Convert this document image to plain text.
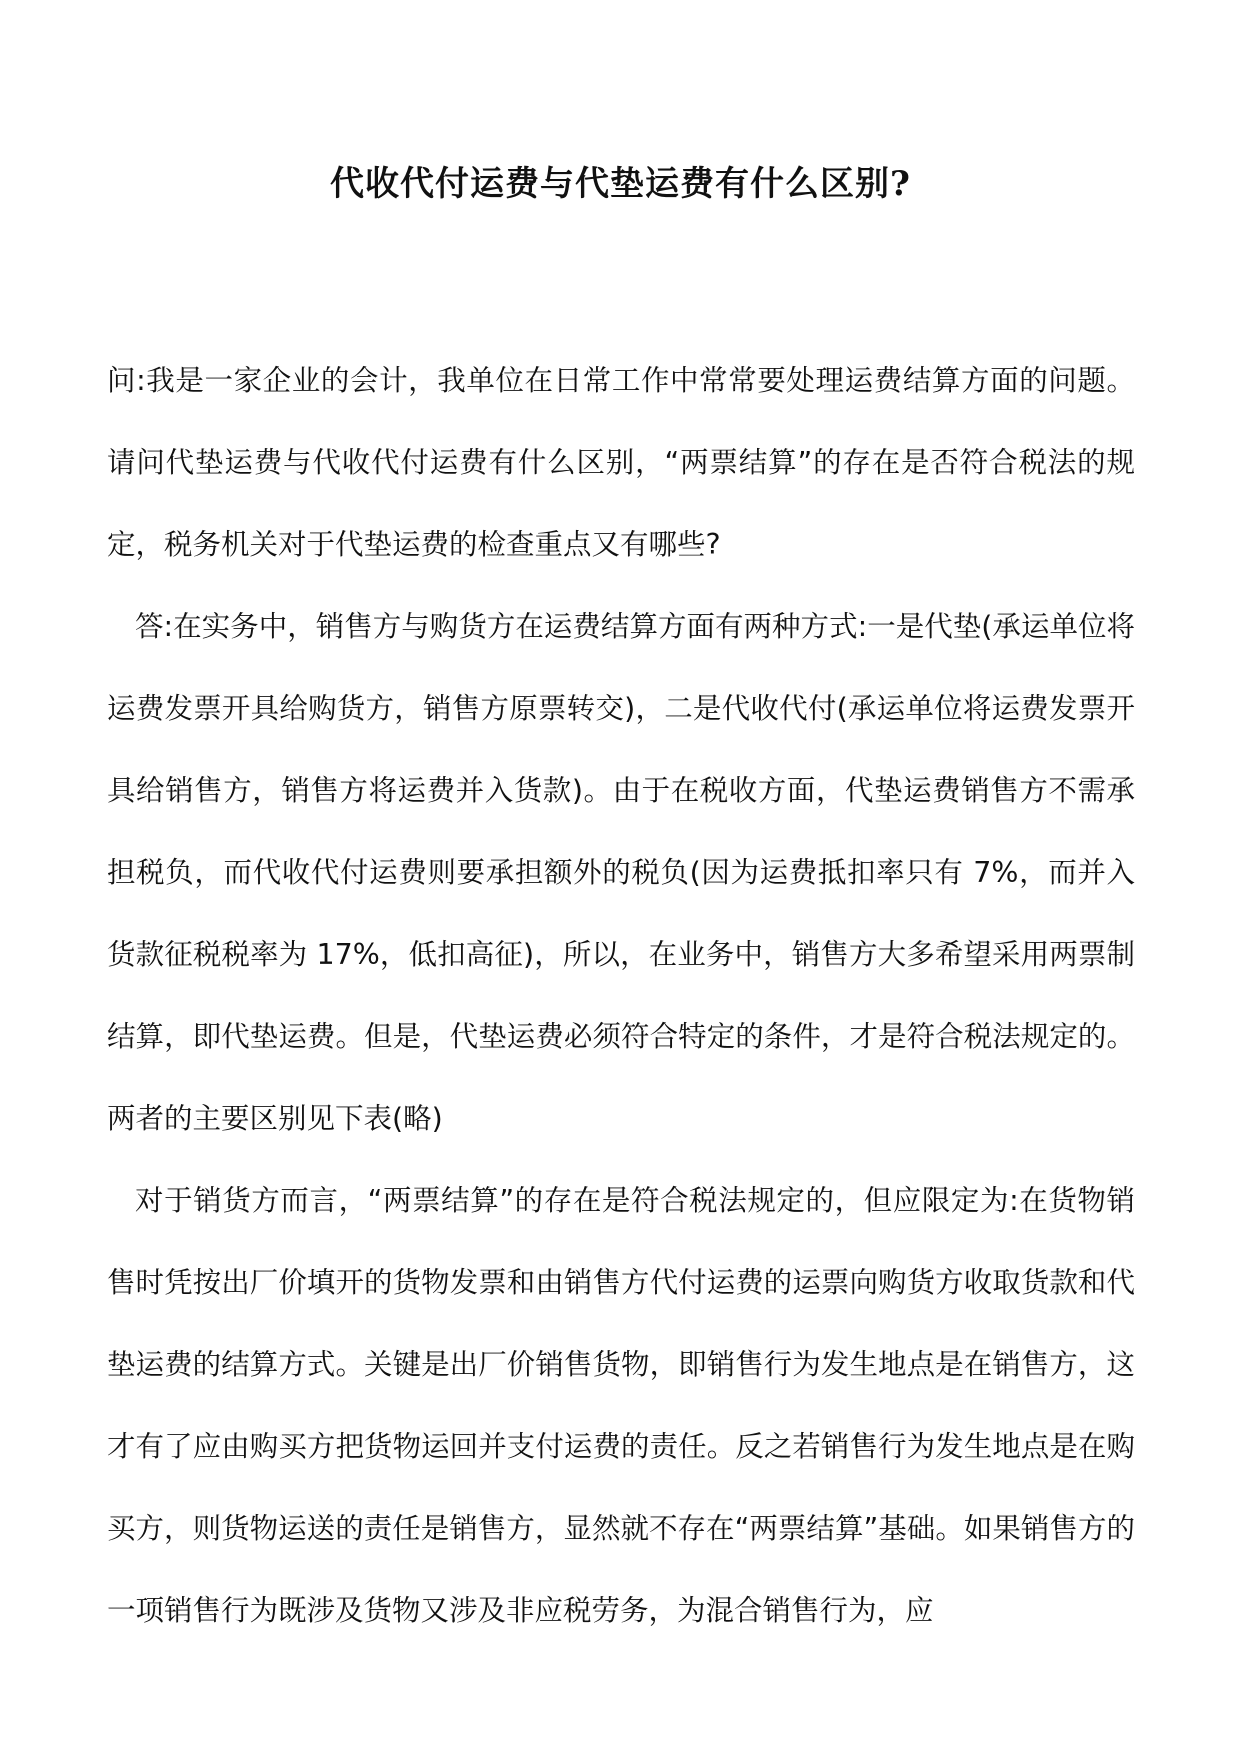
代收代付运费与代垫运费有什么区别?

问:我是一家企业的会计，我单位在日常工作中常常要处理运费结算方面的问题。请问代垫运费与代收代付运费有什么区别，“两票结算”的存在是否符合税法的规定，税务机关对于代垫运费的检查重点又有哪些?

答:在实务中，销售方与购货方在运费结算方面有两种方式:一是代垫(承运单位将运费发票开具给购货方，销售方原票转交)，二是代收代付(承运单位将运费发票开具给销售方，销售方将运费并入货款)。由于在税收方面，代垫运费销售方不需承担税负，而代收代付运费则要承担额外的税负(因为运费抵扣率只有 7%，而并入货款征税税率为 17%，低扣高征)，所以，在业务中，销售方大多希望采用两票制结算，即代垫运费。但是，代垫运费必须符合特定的条件，才是符合税法规定的。两者的主要区别见下表(略)

对于销货方而言，“两票结算”的存在是符合税法规定的，但应限定为:在货物销售时凭按出厂价填开的货物发票和由销售方代付运费的运票向购货方收取货款和代垫运费的结算方式。关键是出厂价销售货物，即销售行为发生地点是在销售方，这才有了应由购买方把货物运回并支付运费的责任。反之若销售行为发生地点是在购买方，则货物运送的责任是销售方，显然就不存在“两票结算”基础。如果销售方的一项销售行为既涉及货物又涉及非应税劳务，为混合销售行为，应
